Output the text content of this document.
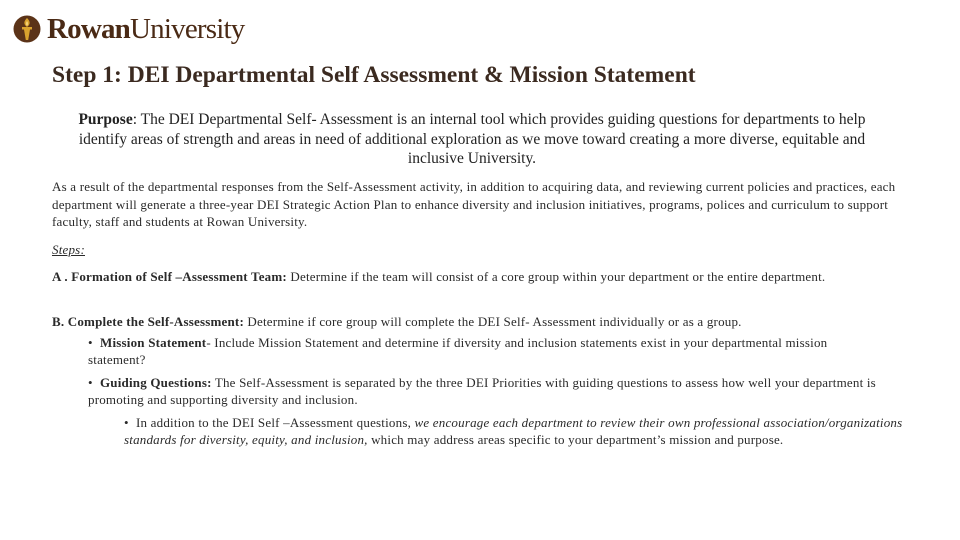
RowanUniversity
Step 1: DEI Departmental Self Assessment & Mission Statement
Purpose: The DEI Departmental Self- Assessment is an internal tool which provides guiding questions for departments to help identify areas of strength and areas in need of additional exploration as we move toward creating a more diverse, equitable and inclusive University.
As a result of the departmental responses from the Self-Assessment activity, in addition to acquiring data, and reviewing current policies and practices, each department will generate a three-year DEI Strategic Action Plan to enhance diversity and inclusion initiatives, programs, polices and curriculum to support faculty, staff and students at Rowan University.
Steps:
A . Formation of Self –Assessment Team: Determine if the team will consist of a core group within your department or the entire department.
B. Complete the Self-Assessment: Determine if core group will complete the DEI Self- Assessment individually or as a group.
• Mission Statement- Include Mission Statement and determine if diversity and inclusion statements exist in your departmental mission statement?
• Guiding Questions: The Self-Assessment is separated by the three DEI Priorities with guiding questions to assess how well your department is promoting and supporting diversity and inclusion.
• In addition to the DEI Self –Assessment questions, we encourage each department to review their own professional association/organizations standards for diversity, equity, and inclusion, which may address areas specific to your department’s mission and purpose.
